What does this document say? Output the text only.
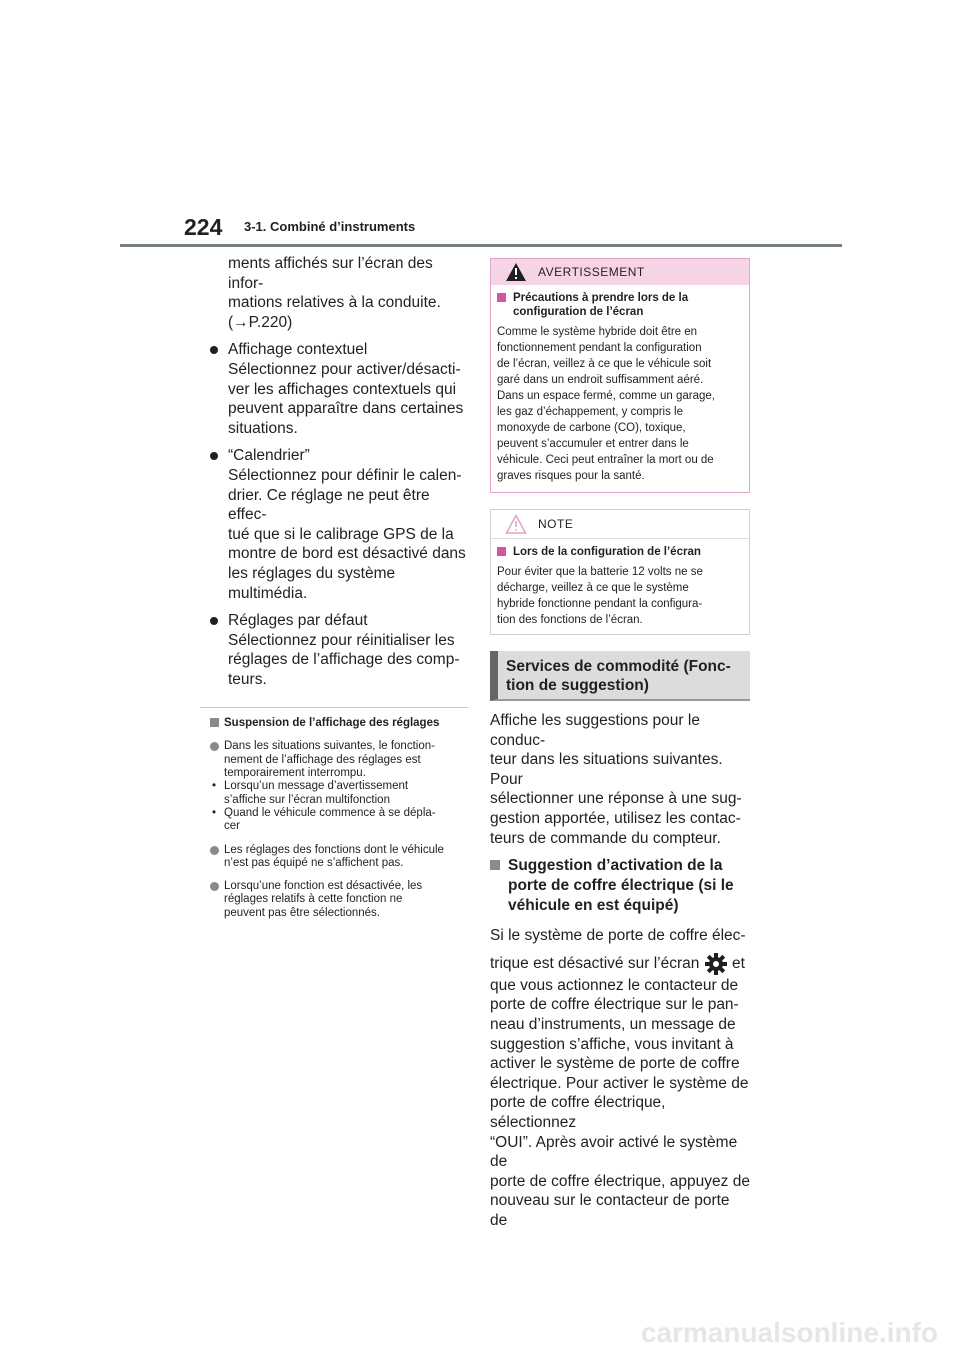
224 3-1. Combiné d’instruments

ments affichés sur l’écran des infor-

mations relatives à la conduite.

(→P.220)

Affichage contextuel
Sélectionnez pour activer/désacti-
ver les affichages contextuels qui
peuvent apparaître dans certaines
situations.
“Calendrier”
Sélectionnez pour définir le calen-
drier. Ce réglage ne peut être effec-
tué que si le calibrage GPS de la
montre de bord est désactivé dans
les réglages du système multimédia.
Réglages par défaut
Sélectionnez pour réinitialiser les
réglages de l’affichage des comp-
teurs.
Suspension de l’affichage des réglages
Dans les situations suivantes, le fonction-
nement de l’affichage des réglages est
temporairement interrompu.
• Lorsqu’un message d’avertissement
s’affiche sur l’écran multifonction
• Quand le véhicule commence à se dépla-
cer
Les réglages des fonctions dont le véhicule
n’est pas équipé ne s’affichent pas.
Lorsqu’une fonction est désactivée, les
réglages relatifs à cette fonction ne
peuvent pas être sélectionnés.
AVERTISSEMENT
Précautions à prendre lors de la
configuration de l’écran
Comme le système hybride doit être en
fonctionnement pendant la configuration
de l’écran, veillez à ce que le véhicule soit
garé dans un endroit suffisamment aéré.
Dans un espace fermé, comme un garage,
les gaz d’échappement, y compris le
monoxyde de carbone (CO), toxique,
peuvent s’accumuler et entrer dans le
véhicule. Ceci peut entraîner la mort ou de
graves risques pour la santé.
NOTE
Lors de la configuration de l’écran
Pour éviter que la batterie 12 volts ne se
décharge, veillez à ce que le système
hybride fonctionne pendant la configura-
tion des fonctions de l’écran.
Services de commodité (Fonc-
tion de suggestion)
Affiche les suggestions pour le conduc-
teur dans les situations suivantes. Pour
sélectionner une réponse à une sug-
gestion apportée, utilisez les contac-
teurs de commande du compteur.
Suggestion d’activation de la
porte de coffre électrique (si le
véhicule en est équipé)
Si le système de porte de coffre élec-
trique est désactivé sur l’écran et
que vous actionnez le contacteur de
porte de coffre électrique sur le pan-
neau d’instruments, un message de
suggestion s’affiche, vous invitant à
activer le système de porte de coffre
électrique. Pour activer le système de
porte de coffre électrique, sélectionnez
“OUI”. Après avoir activé le système de
porte de coffre électrique, appuyez de
nouveau sur le contacteur de porte de
carmanualsonline.info
